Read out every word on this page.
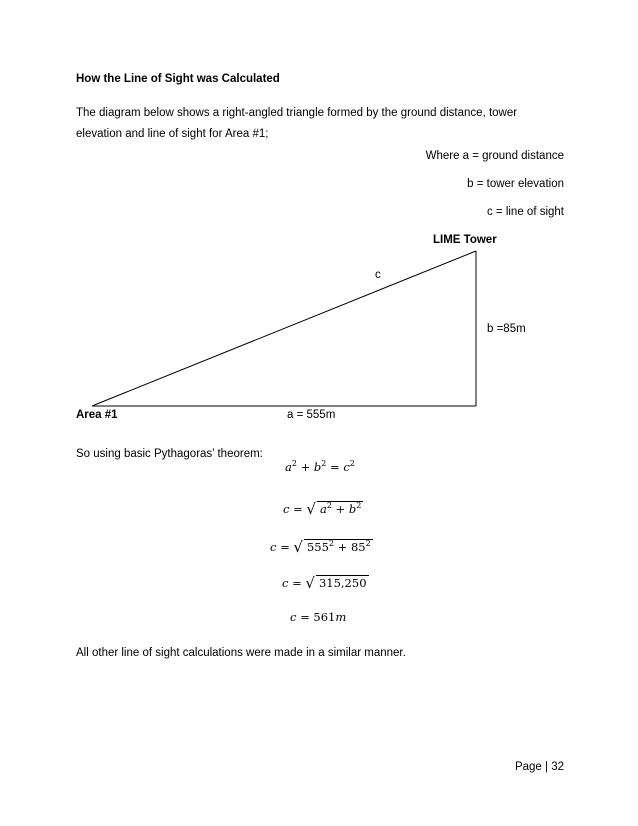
How the Line of Sight was Calculated
The diagram below shows a right-angled triangle formed by the ground distance, tower
elevation and line of sight for Area #1;
Where a = ground distance
b = tower elevation
c = line of sight
LIME Tower
c
b =85m
Area #1	a = 555m
So using basic Pythagoras’ theorem:
$a^2 + b^2 = c^2$
c = √ $a^2 + b^2$
c = √ $555^2 + 85^2$
c = √ 315,250
c = 561m
All other line of sight calculations were made in a similar manner.
Page | 32
